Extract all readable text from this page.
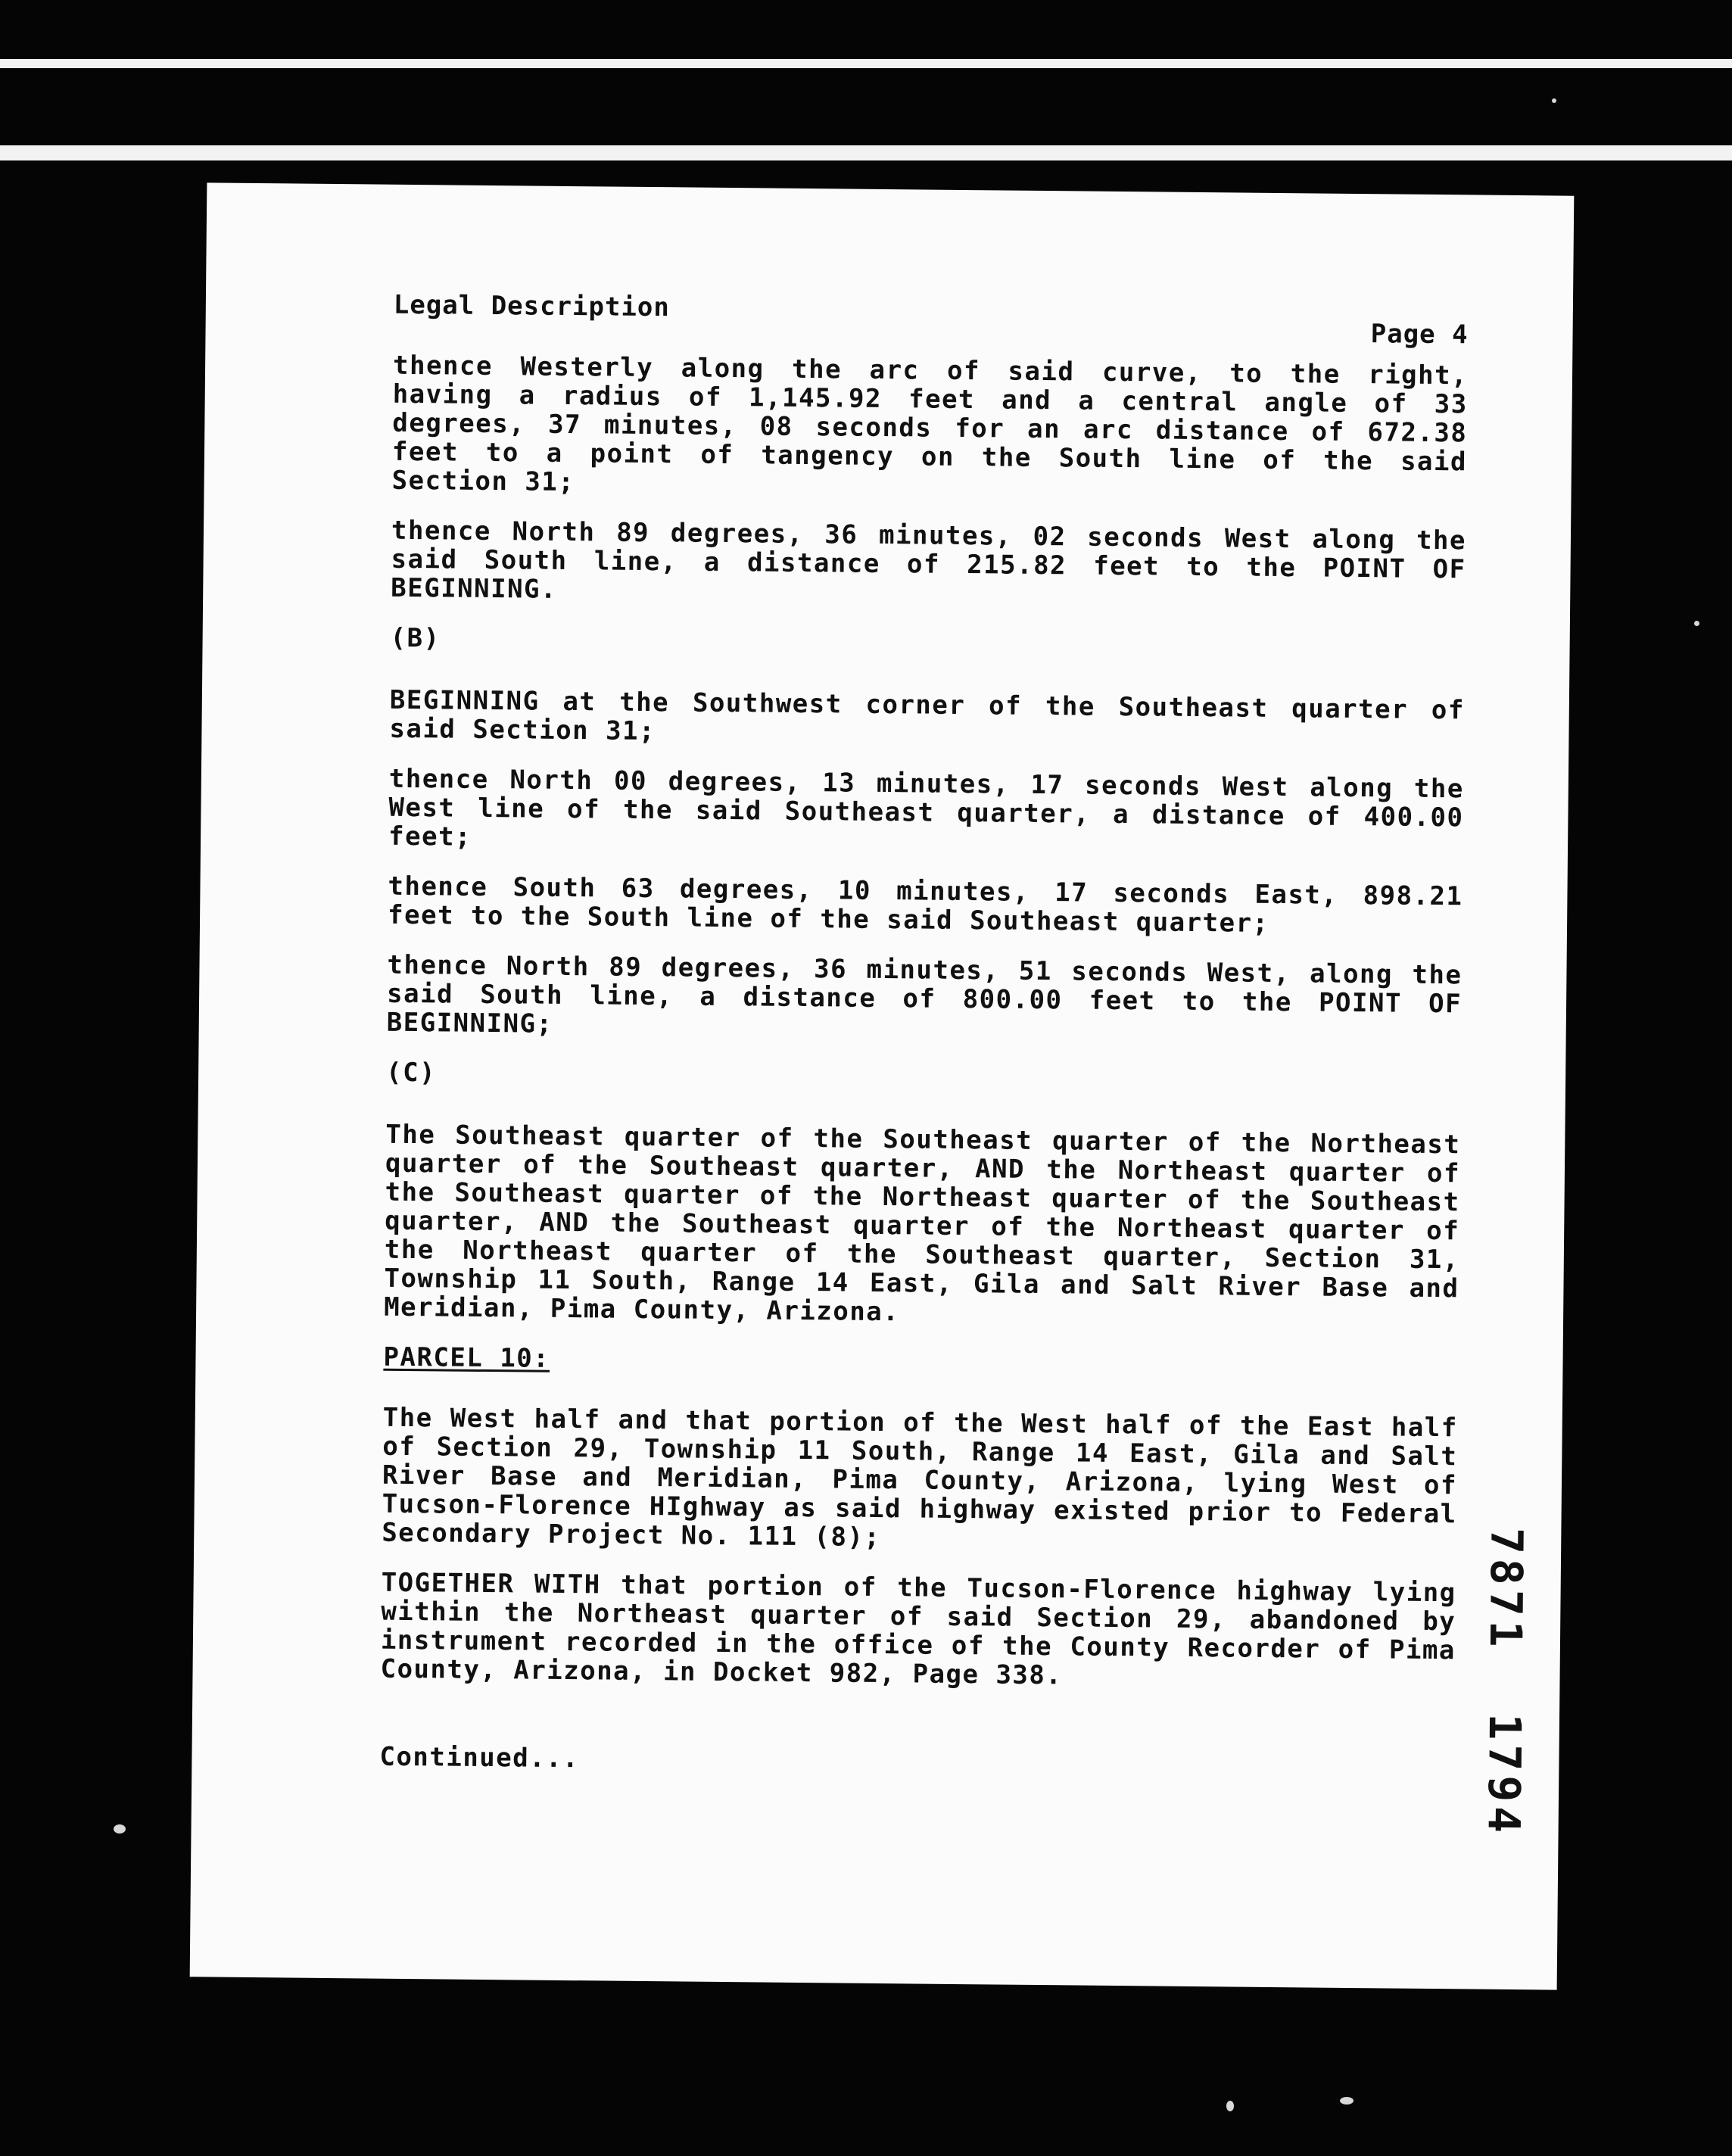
Legal Description
Page 4

thence Westerly along the arc of said curve, to the right, having a radius of 1,145.92 feet and a central angle of 33 degrees, 37 minutes, 08 seconds for an arc distance of 672.38 feet to a point of tangency on the South line of the said Section 31;

thence North 89 degrees, 36 minutes, 02 seconds West along the said South line, a distance of 215.82 feet to the POINT OF BEGINNING.

(B)

BEGINNING at the Southwest corner of the Southeast quarter of said Section 31;

thence North 00 degrees, 13 minutes, 17 seconds West along the West line of the said Southeast quarter, a distance of 400.00 feet;

thence South 63 degrees, 10 minutes, 17 seconds East, 898.21 feet to the South line of the said Southeast quarter;

thence North 89 degrees, 36 minutes, 51 seconds West, along the said South line, a distance of 800.00 feet to the POINT OF BEGINNING;

(C)

The Southeast quarter of the Southeast quarter of the Northeast quarter of the Southeast quarter, AND the Northeast quarter of the Southeast quarter of the Northeast quarter of the Southeast quarter, AND the Southeast quarter of the Northeast quarter of the Northeast quarter of the Southeast quarter, Section 31, Township 11 South, Range 14 East, Gila and Salt River Base and Meridian, Pima County, Arizona.

PARCEL 10:

The West half and that portion of the West half of the East half of Section 29, Township 11 South, Range 14 East, Gila and Salt River Base and Meridian, Pima County, Arizona, lying West of Tucson-Florence HIghway as said highway existed prior to Federal Secondary Project No. 111 (8);

TOGETHER WITH that portion of the Tucson-Florence highway lying within the Northeast quarter of said Section 29, abandoned by instrument recorded in the office of the County Recorder of Pima County, Arizona, in Docket 982, Page 338.

Continued...	7871  1794
